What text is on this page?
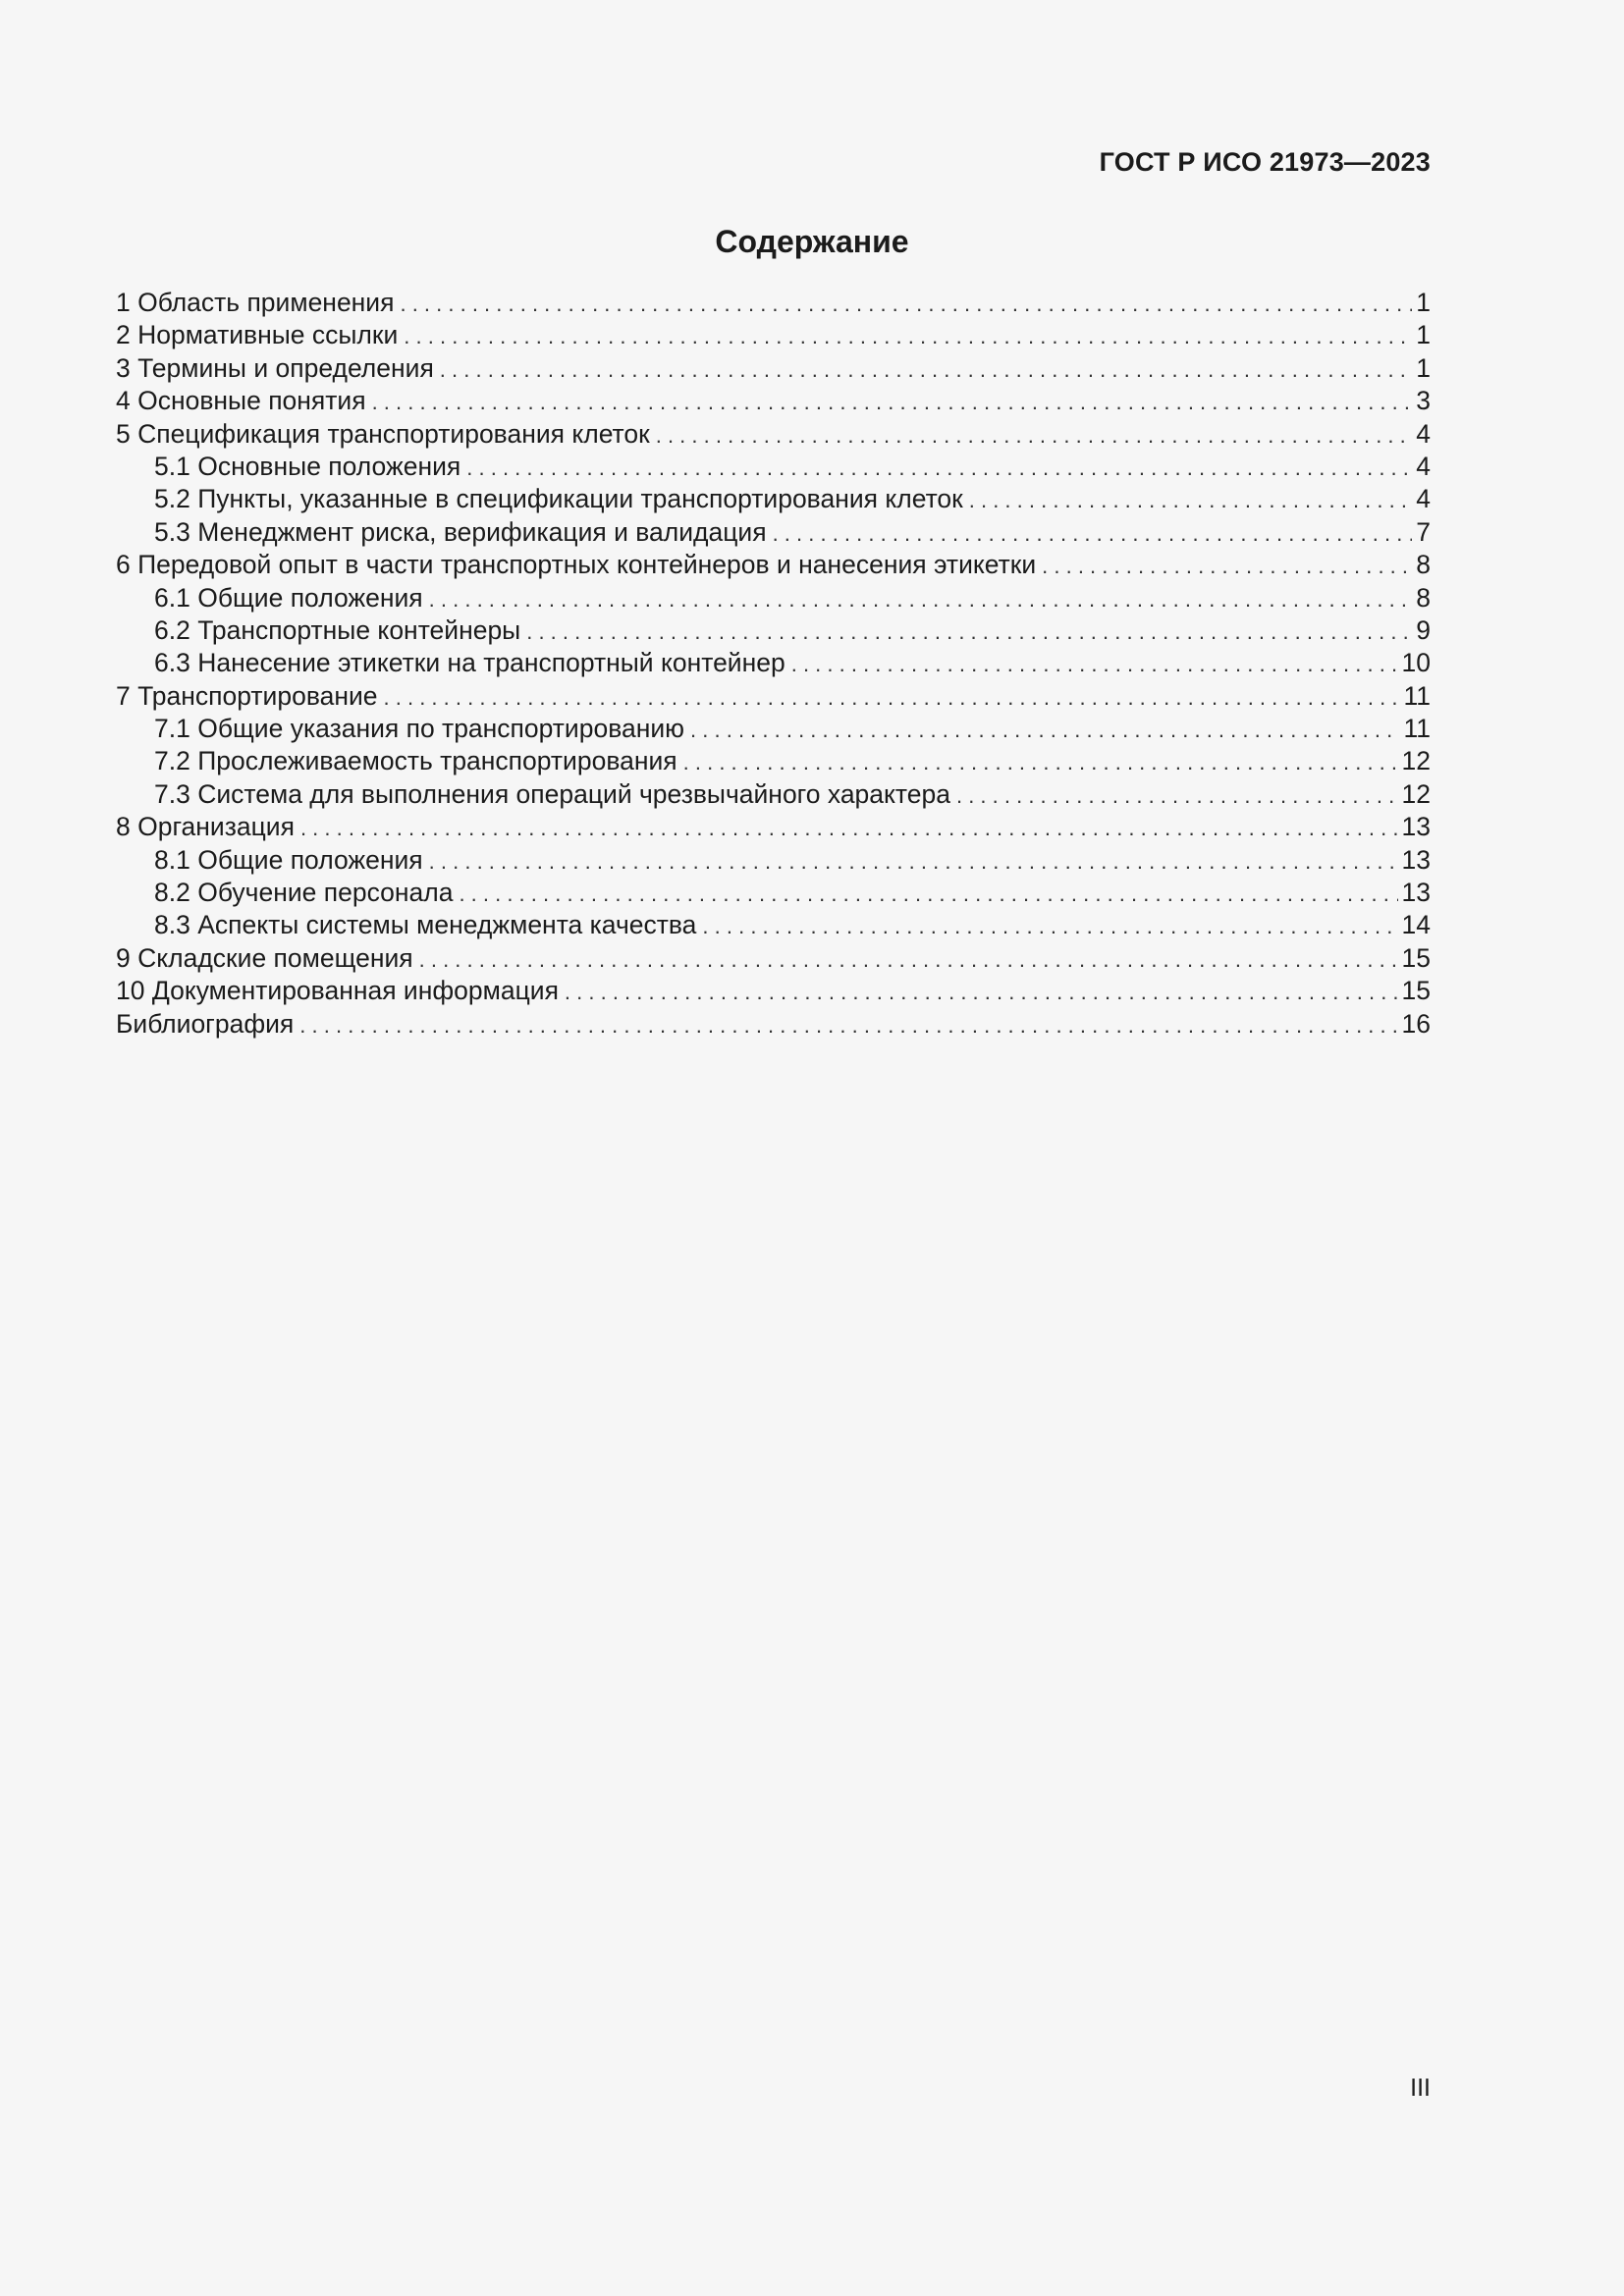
ГОСТ Р ИСО 21973—2023
Содержание
1 Область применения . . .	1
2 Нормативные ссылки . . .	1
3 Термины и определения . . .	1
4 Основные понятия . . .	3
5 Спецификация транспортирования клеток . . .	4
5.1 Основные положения . . .	4
5.2 Пункты, указанные в спецификации транспортирования клеток . . .	4
5.3 Менеджмент риска, верификация и валидация . . .	7
6 Передовой опыт в части транспортных контейнеров и нанесения этикетки . . .	8
6.1 Общие положения . . .	8
6.2 Транспортные контейнеры . . .	9
6.3 Нанесение этикетки на транспортный контейнер . . .	10
7 Транспортирование . . .	11
7.1 Общие указания по транспортированию . . .	11
7.2 Прослеживаемость транспортирования . . .	12
7.3 Система для выполнения операций чрезвычайного характера . . .	12
8 Организация . . .	13
8.1 Общие положения . . .	13
8.2 Обучение персонала . . .	13
8.3 Аспекты системы менеджмента качества . . .	14
9 Складские помещения . . .	15
10 Документированная информация . . .	15
Библиография . . .	16
III
